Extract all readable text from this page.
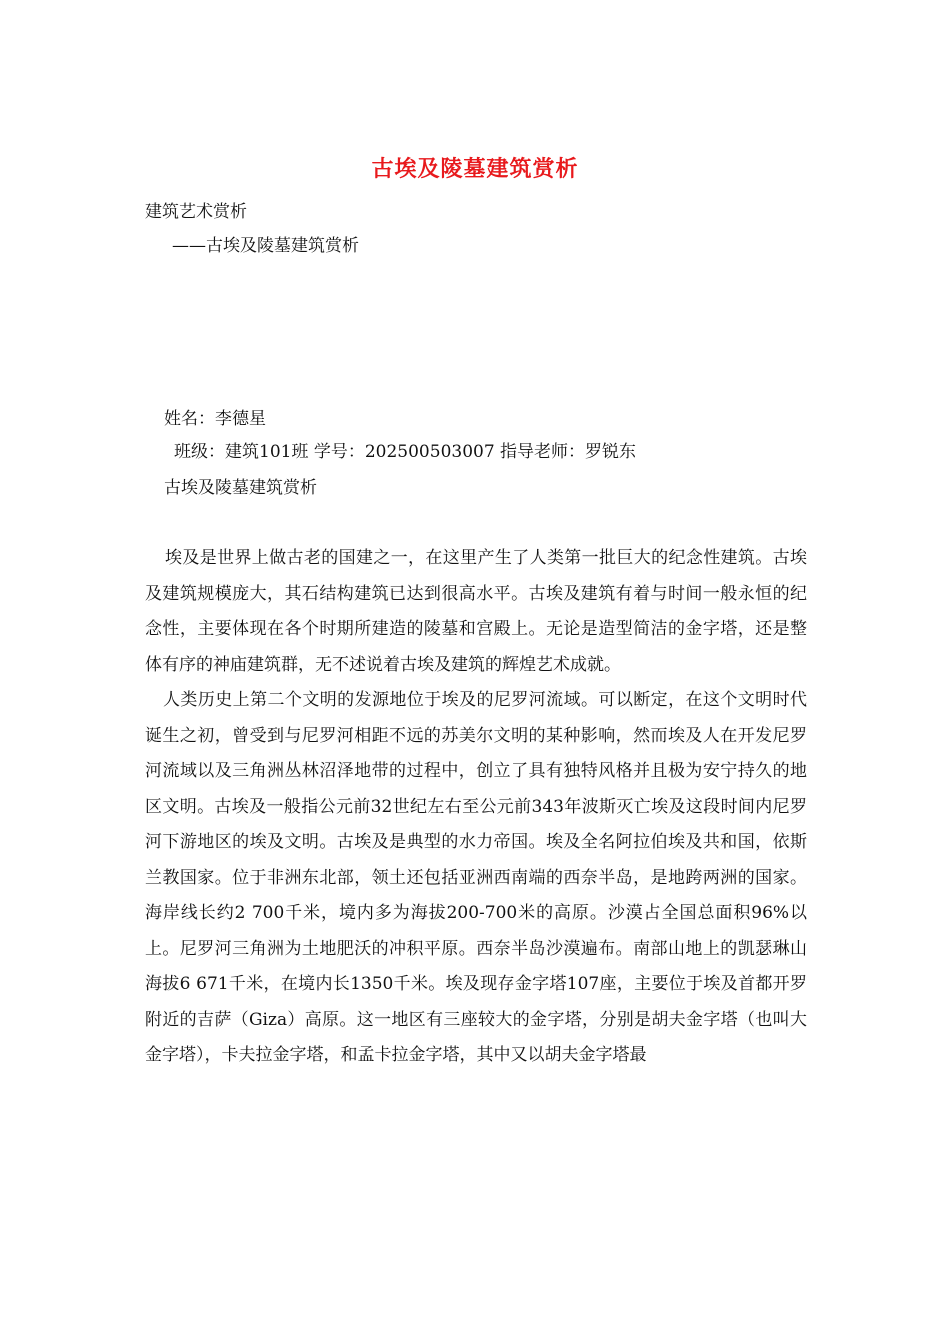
古埃及陵墓建筑赏析
建筑艺术赏析
——古埃及陵墓建筑赏析
姓名：李德星
班级：建筑101班 学号：202500503007 指导老师：罗锐东
古埃及陵墓建筑赏析

埃及是世界上做古老的国建之一，在这里产生了人类第一批巨大的纪念性建筑。古埃及建筑规模庞大，其石结构建筑已达到很高水平。古埃及建筑有着与时间一般永恒的纪念性，主要体现在各个时期所建造的陵墓和宫殿上。无论是造型简洁的金字塔，还是整体有序的神庙建筑群，无不述说着古埃及建筑的辉煌艺术成就。

人类历史上第二个文明的发源地位于埃及的尼罗河流域。可以断定，在这个文明时代诞生之初，曾受到与尼罗河相距不远的苏美尔文明的某种影响，然而埃及人在开发尼罗河流域以及三角洲丛林沼泽地带的过程中，创立了具有独特风格并且极为安宁持久的地区文明。古埃及一般指公元前32世纪左右至公元前343年波斯灭亡埃及这段时间内尼罗河下游地区的埃及文明。古埃及是典型的水力帝国。埃及全名阿拉伯埃及共和国，依斯兰教国家。位于非洲东北部，领土还包括亚洲西南端的西奈半岛，是地跨两洲的国家。海岸线长约2 700千米，境内多为海拔200-700米的高原。沙漠占全国总面积96%以上。尼罗河三角洲为土地肥沃的冲积平原。西奈半岛沙漠遍布。南部山地上的凯瑟琳山海拔6 671千米，在境内长1350千米。埃及现存金字塔107座，主要位于埃及首都开罗附近的吉萨（Giza）高原。这一地区有三座较大的金字塔，分别是胡夫金字塔（也叫大金字塔），卡夫拉金字塔，和孟卡拉金字塔，其中又以胡夫金字塔最
